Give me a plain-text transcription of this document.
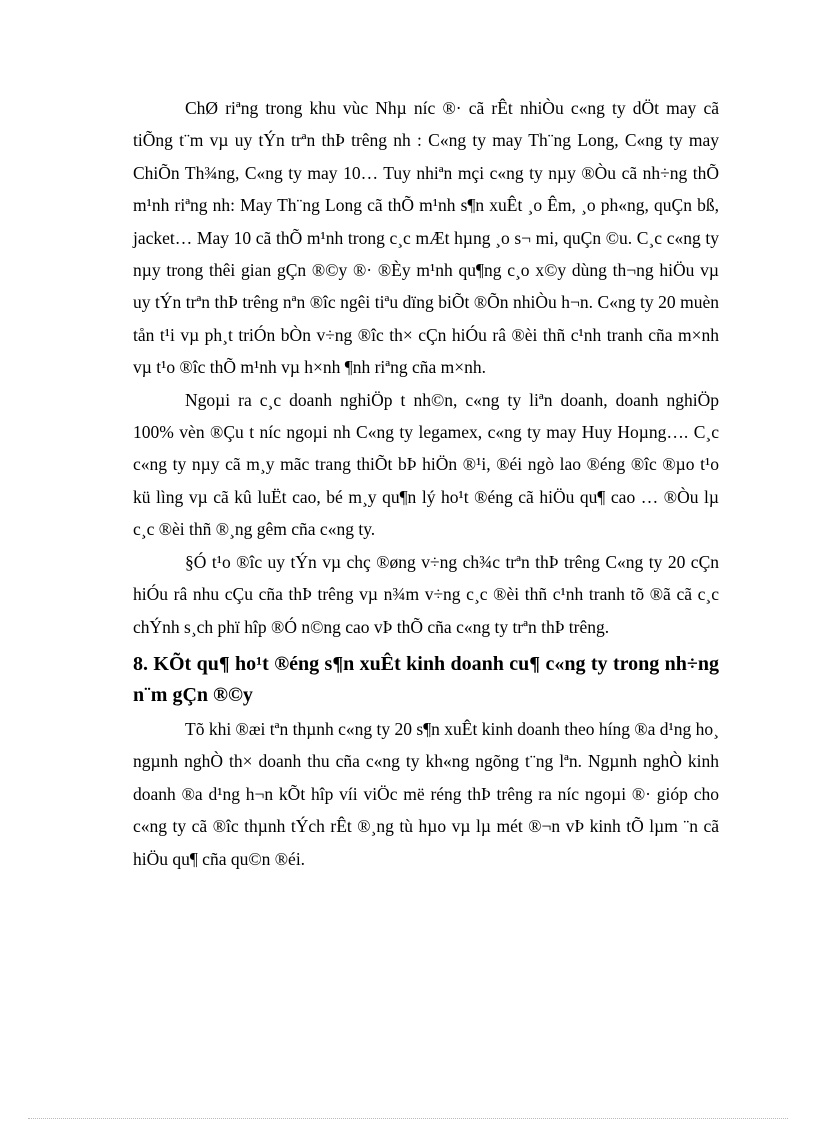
ChØ riªng trong khu vùc Nhµ níc ®· cã rÊt nhiÒu c«ng ty dÖt may cã tiÕng t¨m vµ uy tÝn trªn thÞ trêng nh : C«ng ty may Th¨ng Long, C«ng ty may ChiÕn Th¾ng, C«ng ty may 10… Tuy nhiªn mçi c«ng ty nµy ®Òu cã nh÷ng thÕ m¹nh riªng nh: May Th¨ng Long cã thÕ m¹nh s¶n xuÊt ¸o Êm, ¸o ph«ng, quÇn bß, jacket… May 10 cã thÕ m¹nh trong c¸c mÆt hµng ¸o s¬ mi, quÇn ©u. C¸c c«ng ty nµy trong thêi gian gÇn ®©y ®· ®Èy m¹nh qu¶ng c¸o x©y dùng th¬ng hiÖu vµ uy tÝn trªn thÞ trêng nªn ®îc ngêi tiªu dïng biÕt ®Õn nhiÒu h¬n. C«ng ty 20 muèn tån t¹i vµ ph¸t triÓn bÒn v÷ng ®îc th× cÇn hiÓu râ ®èi thñ c¹nh tranh cña m×nh vµ t¹o ®îc thÕ m¹nh vµ h×nh ¶nh riªng cña m×nh.

Ngoµi ra c¸c doanh nghiÖp t nh©n, c«ng ty liªn doanh, doanh nghiÖp 100% vèn ®Çu t níc ngoµi nh C«ng ty legamex, c«ng ty may Huy Hoµng…. C¸c c«ng ty nµy cã m¸y mãc trang thiÕt bÞ hiÖn ®¹i, ®éi ngò lao ®éng ®îc ®µo t¹o kü lìng vµ cã kû luËt cao, bé m¸y qu¶n lý ho¹t ®éng cã hiÖu qu¶ cao … ®Òu lµ c¸c ®èi thñ ®¸ng gêm cña c«ng ty.

§Ó t¹o ®îc uy tÝn vµ chç ®øng v÷ng ch¾c trªn thÞ trêng C«ng ty 20 cÇn hiÓu râ nhu cÇu cña thÞ trêng vµ n¾m v÷ng c¸c ®èi thñ c¹nh tranh tõ ®ã cã c¸c chÝnh s¸ch phï hîp ®Ó n©ng cao vÞ thÕ cña c«ng ty trªn thÞ trêng.

8. KÕt qu¶ ho¹t ®éng s¶n xuÊt kinh doanh cu¶ c«ng ty trong nh÷ng n¨m gÇn ®©y

Tõ khi ®æi tªn thµnh c«ng ty 20 s¶n xuÊt kinh doanh theo híng ®a d¹ng ho¸ ngµnh nghÒ th× doanh thu cña c«ng ty kh«ng ngõng t¨ng lªn. Ngµnh nghÒ kinh doanh ®a d¹ng h¬n kÕt hîp víi viÖc më réng thÞ trêng ra níc ngoµi ®· gióp cho c«ng ty cã ®îc thµnh tÝch rÊt ®¸ng tù hµo vµ lµ mét ®¬n vÞ kinh tÕ lµm ¨n cã hiÖu qu¶ cña qu©n ®éi.
